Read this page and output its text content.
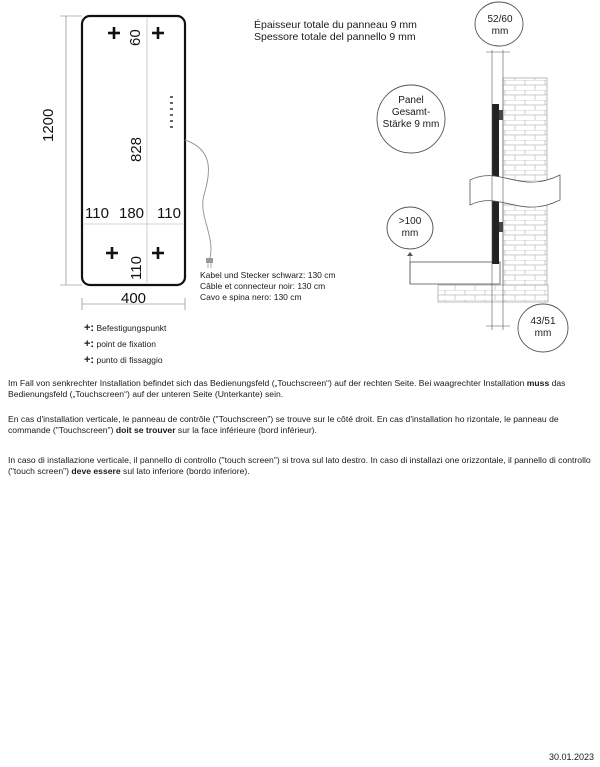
1200
400
60
828
110
110 180 110
Épaisseur totale du panneau 9 mm
Spessore totale del pannello 9 mm
Kabel und Stecker schwarz: 130 cm
Câble et connecteur noir: 130 cm
Cavo e spina nero: 130 cm
+: Befestigungspunkt
+: point de fixation
+: punto di fissaggio
52/60
mm
Panel
Gesamt-
Stärke 9 mm
>100
mm
43/51
mm
Im Fall von senkrechter Installation befindet sich das Bedienungsfeld („Touchscreen“) auf der rechten Seite. Bei waagrechter Installation muss das Bedienungsfeld („Touchscreen“) auf der unteren Seite (Unterkante) sein.
En cas d'installation verticale, le panneau de contrôle ("Touchscreen") se trouve sur le côté droit. En cas d'installation ho rizontale, le panneau de commande ("Touchscreen") doit se trouver sur la face inférieure (bord inférieur).
In caso di installazione verticale, il pannello di controllo ("touch screen") si trova sul lato destro. In caso di installazi one orizzontale, il pannello di controllo ("touch screen") deve essere sul lato inferiore (bordo inferiore).
30.01.2023
